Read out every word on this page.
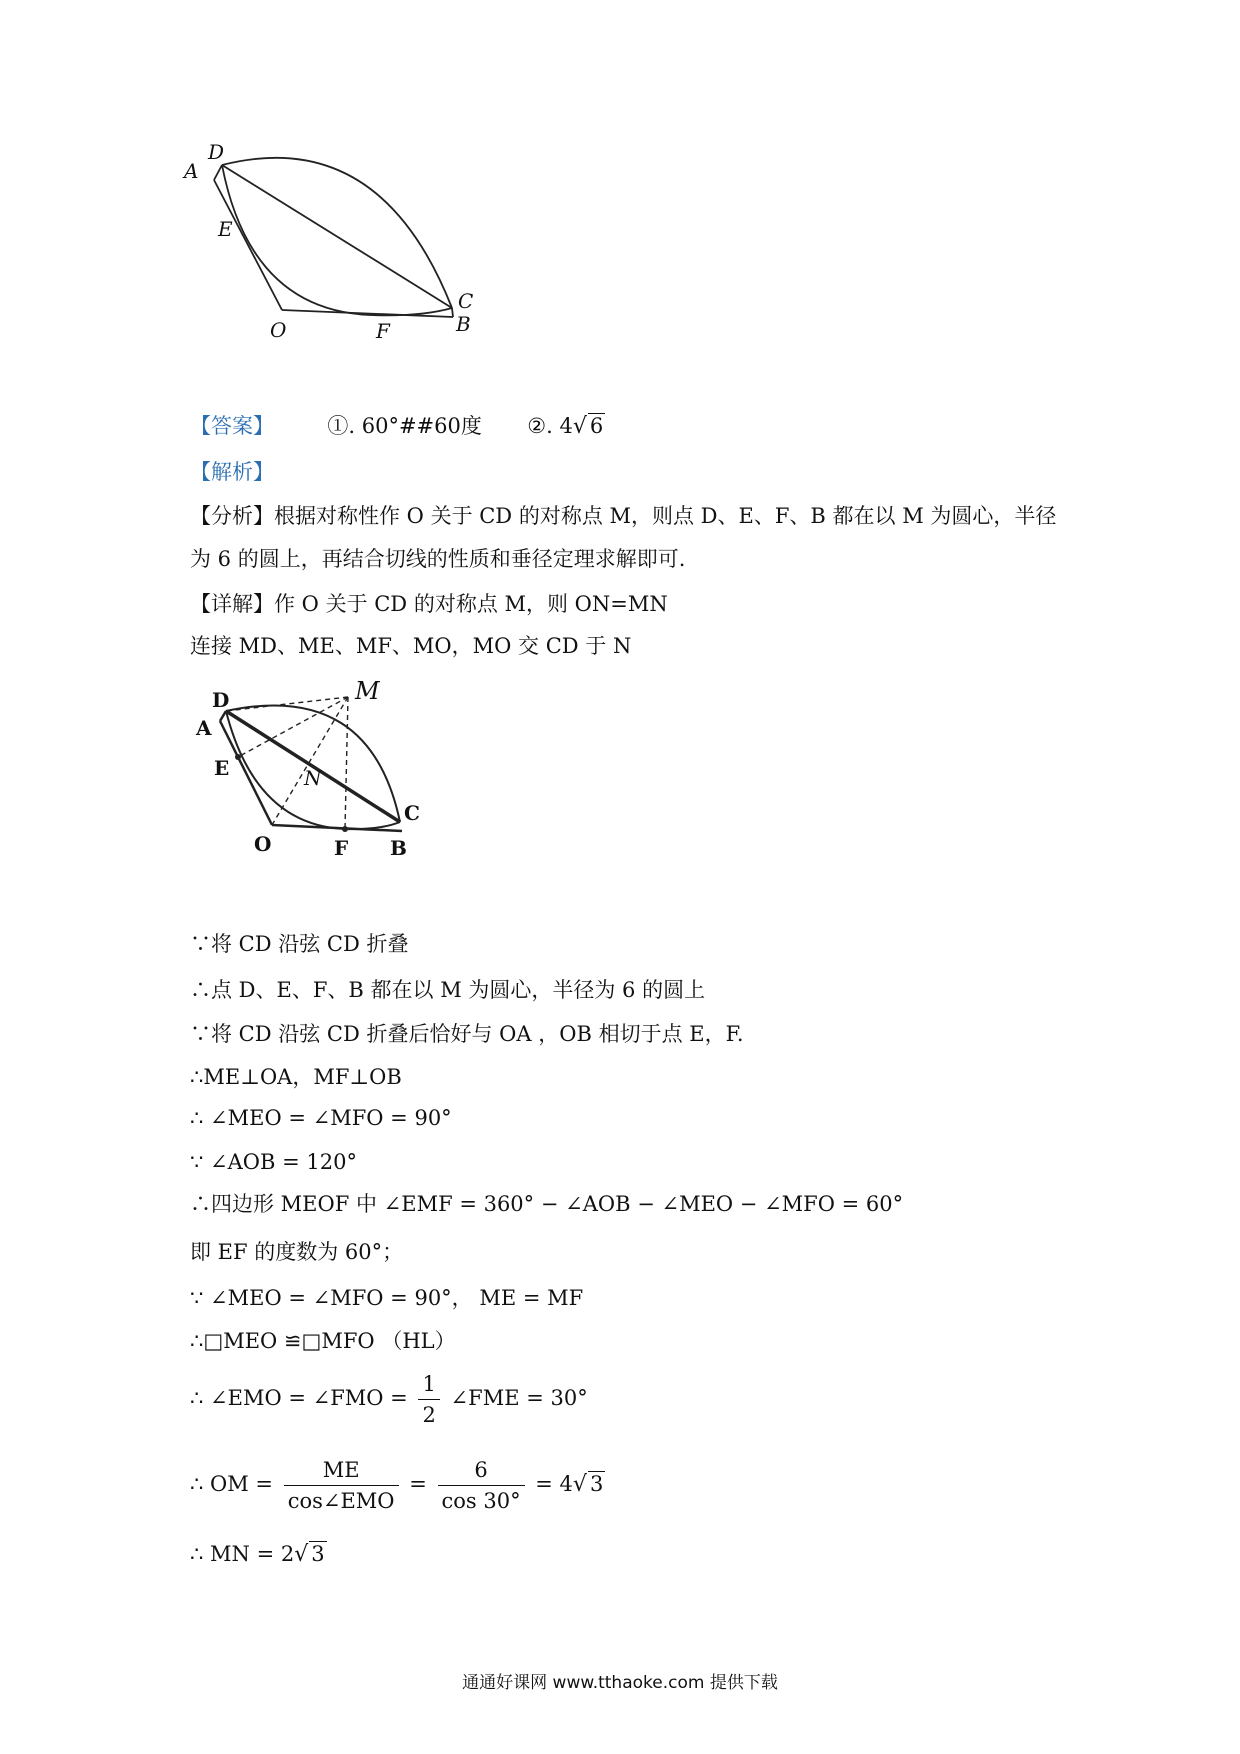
A
D
E
C
B
O	F
【答案】	①. 60°##60度 ②. 4√ 6
【解析】
【分析】根据对称性作 O 关于 CD 的对称点 M，则点 D、E、F、B 都在以 M 为圆心，半径
为 6 的圆上，再结合切线的性质和垂径定理求解即可.
【详解】作 O 关于 CD 的对称点 M，则 ON=MN
连接 MD、ME、MF、MO，MO 交 CD 于 N
M
D
A
E	N
C
O	F B
∵将 CD 沿弦 CD 折叠
∴点 D、E、F、B 都在以 M 为圆心，半径为 6 的圆上
∵将 CD 沿弦 CD 折叠后恰好与 OA ，OB 相切于点 E，F.
∴ME⊥OA，MF⊥OB
∴ ∠MEO = ∠MFO = 90°
∵ ∠AOB = 120°
∴四边形 MEOF 中 ∠EMF = 360° − ∠AOB − ∠MEO − ∠MFO = 60°
即 EF 的度数为 60°；
∵ ∠MEO = ∠MFO = 90°， ME = MF
∴□MEO ≌□MFO （HL）
∴ ∠EMO = ∠FMO = $\frac{1}{2}$ ∠FME = 30°
∴ OM = $\frac{ME}{\text{cos∠EMO}} = \frac{6}{\cos 30^\circ} = 4√$ 3
∴ MN = 2√ 3
通通好课网 www.tthaoke.com 提供下载
